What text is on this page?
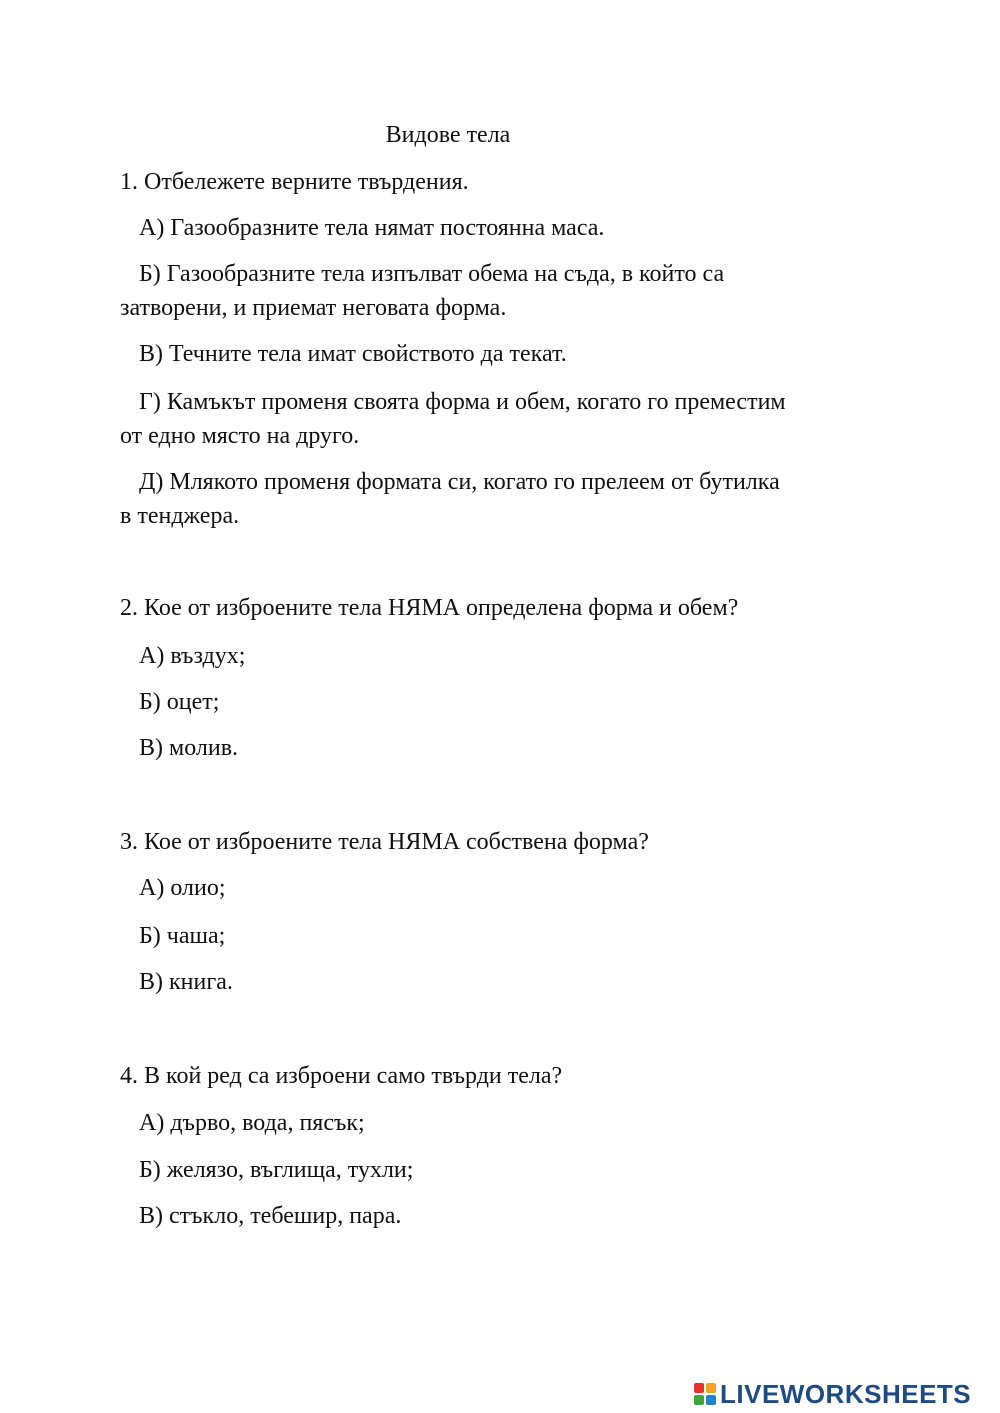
Видове тела
1. Отбележете верните твърдения.
А) Газообразните тела нямат постоянна маса.
Б) Газообразните тела изпълват обема на съда, в който са
затворени, и приемат неговата форма.
В) Течните тела имат свойството да текат.
Г) Камъкът променя своята форма и обем, когато го преместим
от едно място на друго.
Д) Млякото променя формата си, когато го прелеем от бутилка
в тенджера.
2. Кое от изброените тела НЯМА определена форма и обем?
А) въздух;
Б) оцет;
В) молив.
3. Кое от изброените тела НЯМА собствена форма?
А) олио;
Б) чаша;
В) книга.
4. В кой ред са изброени само твърди тела?
А) дърво, вода, пясък;
Б) желязо, въглища, тухли;
В) стъкло, тебешир, пара.
LIVEWORKSHEETS
